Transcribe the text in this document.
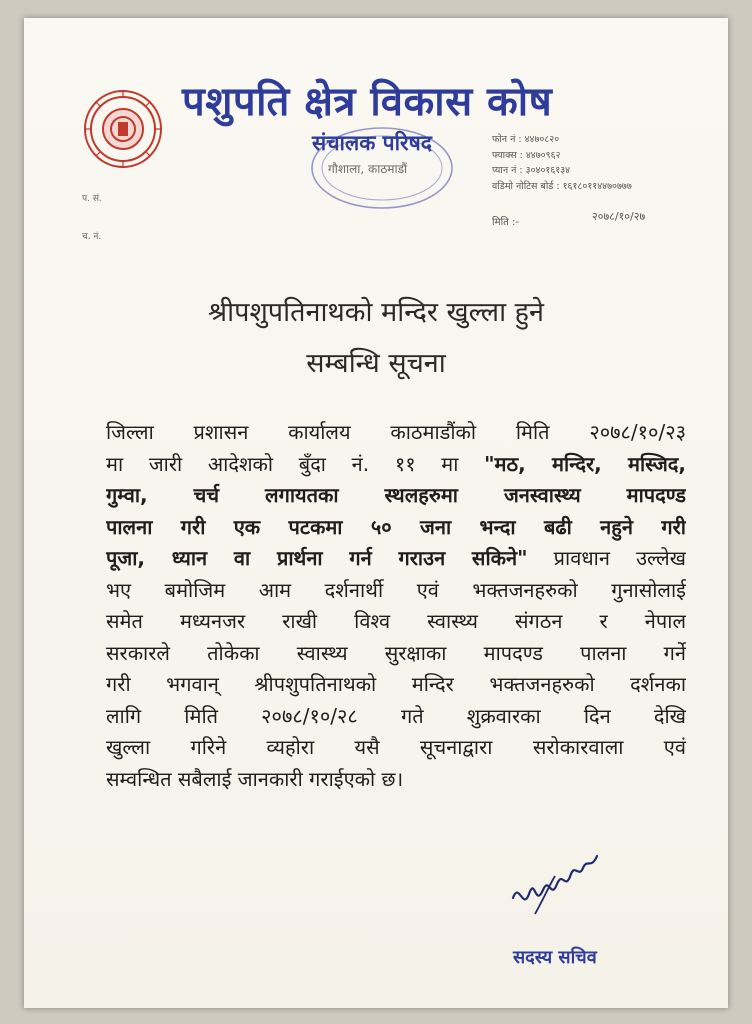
पशुपति क्षेत्र विकास कोष
संचालक परिषद
गौशाला, काठमाडौं
फोन नं : ४४७०८२०
फ्याक्स : ४४७०९६२
प्यान नं : ३०४०१६१३४
वडिमो नोटिस बोर्ड : १६१८०११४४७०७७७
प. सं.
च. नं.
मिति :-	२०७८/१०/२७
श्रीपशुपतिनाथको मन्दिर खुल्ला हुने
सम्बन्धि सूचना
जिल्ला प्रशासन कार्यालय काठमाडौंको मिति २०७८/१०/२३
मा जारी आदेशको बुँदा नं. ११ मा "मठ, मन्दिर, मस्जिद,
गुम्वा, चर्च लगायतका स्थलहरुमा जनस्वास्थ्य मापदण्ड
पालना गरी एक पटकमा ५० जना भन्दा बढी नहुने गरी
पूजा, ध्यान वा प्रार्थना गर्न गराउन सकिने" प्रावधान उल्लेख
भए बमोजिम आम दर्शनार्थी एवं भक्तजनहरुको गुनासोलाई
समेत मध्यनजर राखी विश्व स्वास्थ्य संगठन र नेपाल
सरकारले तोकेका स्वास्थ्य सुरक्षाका मापदण्ड पालना गर्ने
गरी भगवान् श्रीपशुपतिनाथको मन्दिर भक्तजनहरुको दर्शनका
लागि मिति २०७८/१०/२८ गते शुक्रवारका दिन देखि
खुल्ला गरिने व्यहोरा यसै सूचनाद्वारा सरोकारवाला एवं
सम्वन्धित सबैलाई जानकारी गराईएको छ।
सदस्य सचिव
